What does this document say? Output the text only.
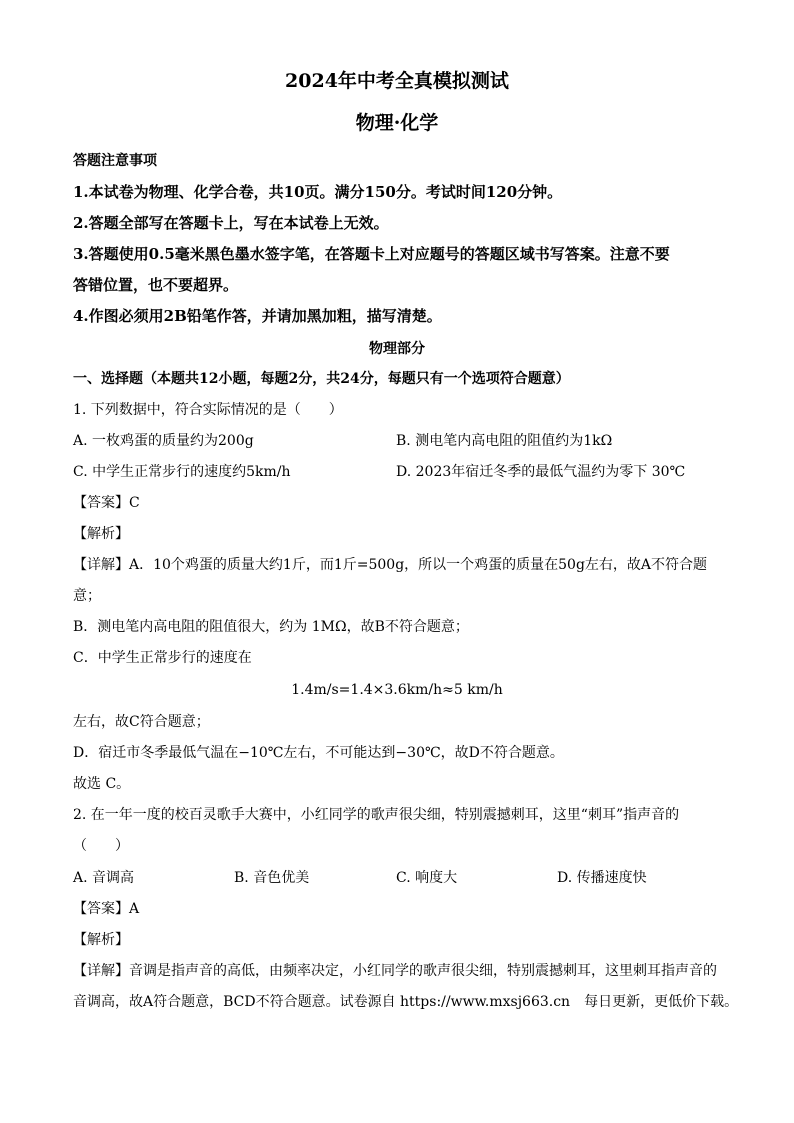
2024年中考全真模拟测试
物理·化学
答题注意事项
1.本试卷为物理、化学合卷，共10页。满分150分。考试时间120分钟。
2.答题全部写在答题卡上，写在本试卷上无效。
3.答题使用0.5毫米黑色墨水签字笔，在答题卡上对应题号的答题区域书写答案。注意不要
答错位置，也不要超界。
4.作图必须用2B铅笔作答，并请加黑加粗，描写清楚。
物理部分
一、选择题（本题共12小题，每题2分，共24分，每题只有一个选项符合题意）
1. 下列数据中，符合实际情况的是（　　）
A. 一枚鸡蛋的质量约为200g	B. 测电笔内高电阻的阻值约为1kΩ
C. 中学生正常步行的速度约5km/h	D. 2023年宿迁冬季的最低气温约为零下 30℃
【答案】C
【解析】
【详解】A．10个鸡蛋的质量大约1斤，而1斤=500g，所以一个鸡蛋的质量在50g左右，故A不符合题
意；
B．测电笔内高电阻的阻值很大，约为 1MΩ，故B不符合题意；
C．中学生正常步行的速度在
1.4m/s=1.4×3.6km/h≈5 km/h
左右，故C符合题意；
D．宿迁市冬季最低气温在−10℃左右，不可能达到−30℃，故D不符合题意。
故选 C。
2. 在一年一度的校百灵歌手大赛中，小红同学的歌声很尖细，特别震撼刺耳，这里“刺耳”指声音的
（　　）
A. 音调高	B. 音色优美	C. 响度大	D. 传播速度快
【答案】A
【解析】
【详解】音调是指声音的高低，由频率决定，小红同学的歌声很尖细，特别震撼刺耳，这里刺耳指声音的
音调高，故A符合题意，BCD不符合题意。试卷源自 https://www.mxsj663.cn　每日更新，更低价下载。
